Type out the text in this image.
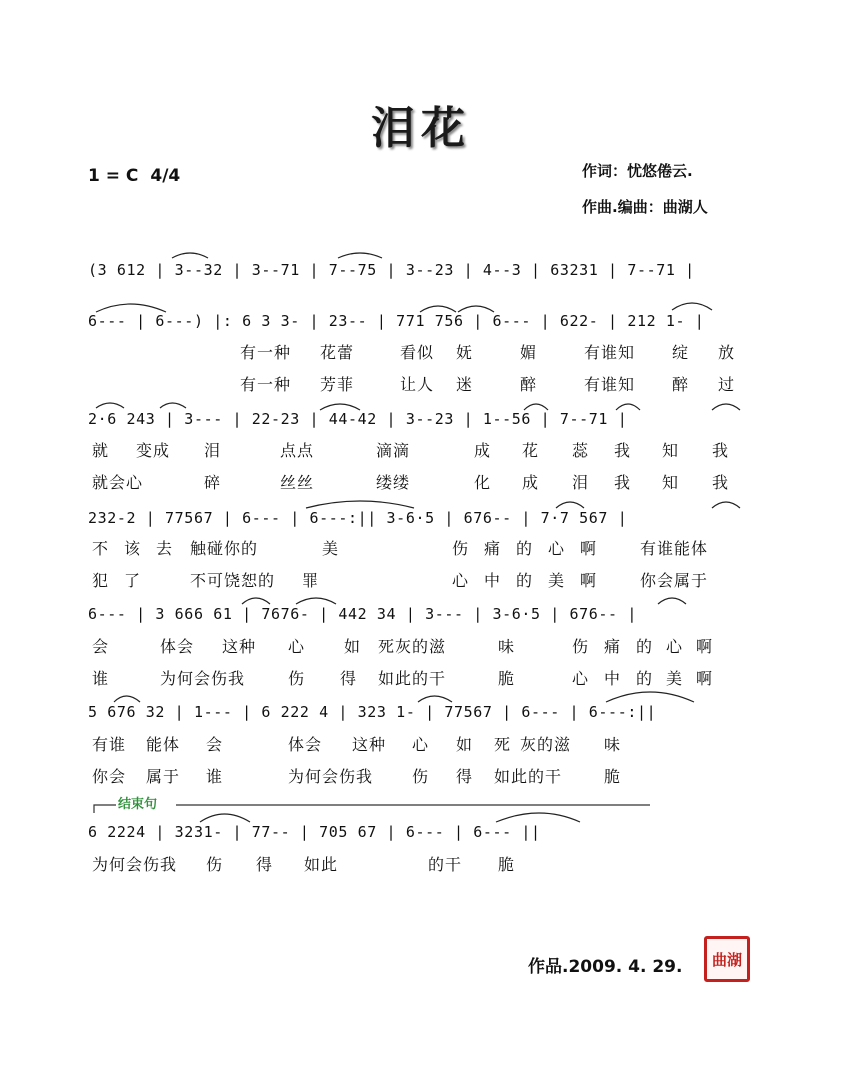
泪花
1 = C 4/4	作词：忧悠倦云.
作曲.编曲：曲湖人
(3 612 | 3--32 | 3--71 | 7--75 | 3--23 | 4--3 | 63231 | 7--71 |
6--- | 6---) |: 6 3 3- | 23-- | 771 756 | 6--- | 622- | 212 1- |
2·6 243 | 3--- | 22-23 | 44-42 | 3--23 | 1--56 | 7--71 |
232-2 | 77567 | 6--- | 6---:|| 3-6·5 | 676-- | 7·7 567 |
6--- | 3 666 61 | 7676- | 442 34 | 3--- | 3-6·5 | 676-- |
5 676 32 | 1--- | 6 222 4 | 323 1- | 77567 | 6--- | 6---:||
6 2224 | 3231- | 77-- | 705 67 | 6--- | 6--- ||

有一种

花蕾

	看似

妩

	媚

	有谁知

绽

放

有一种

芳菲

	让人

迷

	醉

	有谁知

醉

过

就

变成

泪

	点点

	滴滴

	成

花

蕊

我

知

我

就会心

	碎

	丝丝

	缕缕

	化

成

泪

我

知

我

不

该

去

触碰你的

	美

	伤

痛

的

心

啊

	有谁能体

犯

了

	不可饶恕的

罪

	心

中

的

美

啊

	你会属于

会

	体会

这种

心

如

死灰的滋

	味

	伤

痛

的

心

啊

谁

	为何会伤我

	伤

得

如此的干

	脆

	心

中

的

美

啊

有谁

能体

会

	体会

这种

心

如

死

灰的滋

味

你会

属于

谁

	为何会伤我

伤

得

如此的干

	脆

结束句

为何会伤我

伤

得

如此

	的干

脆

作品.2009. 4. 29.	曲湖
